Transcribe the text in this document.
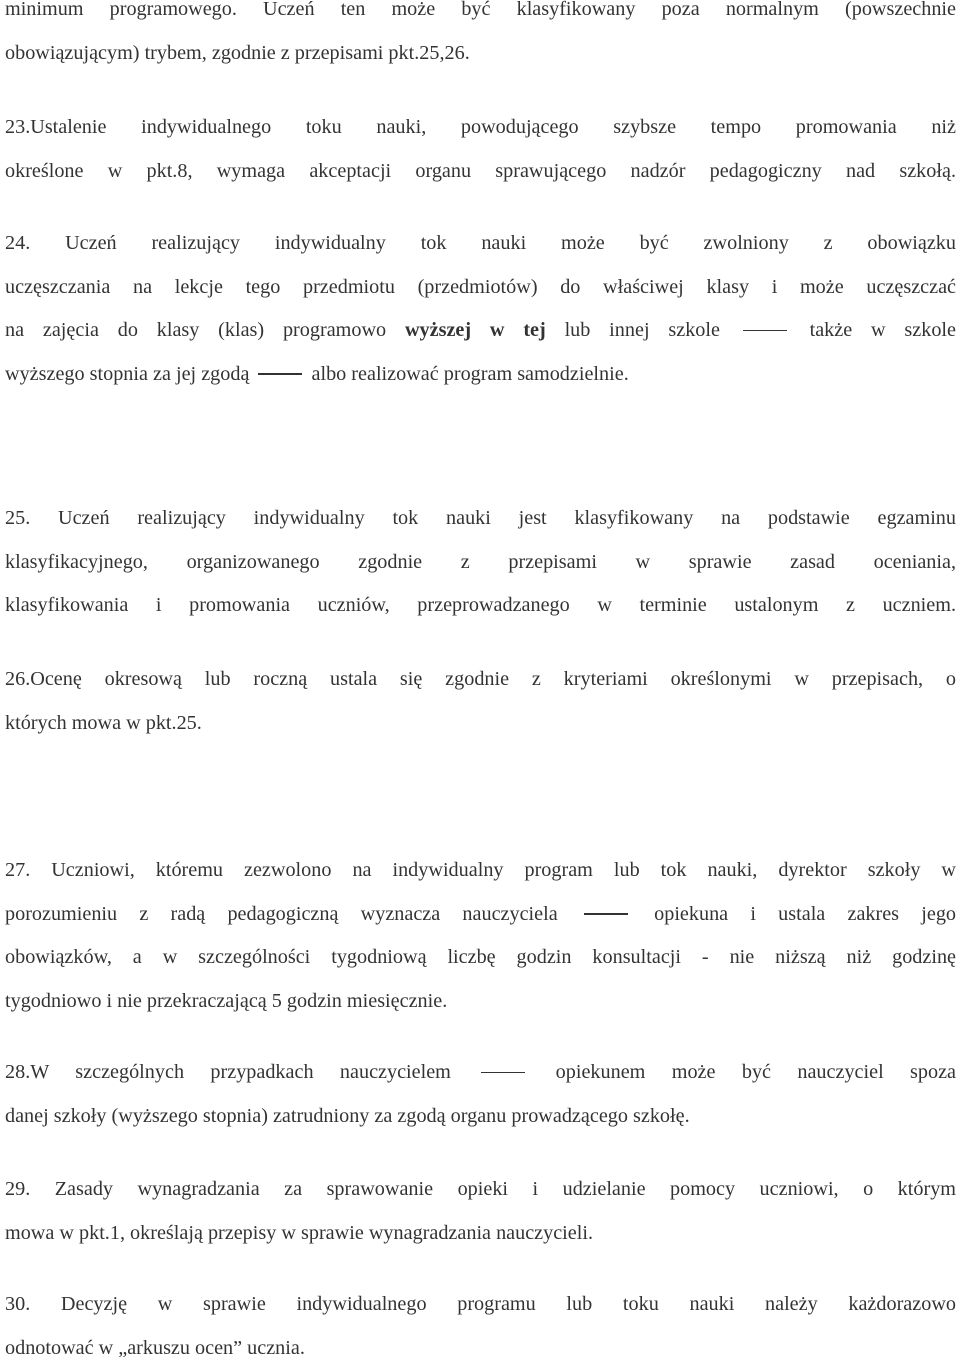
minimum programowego. Uczeń ten może być klasyfikowany poza normalnym (powszechnie
obowiązującym) trybem, zgodnie z przepisami pkt.25,26.
23.Ustalenie indywidualnego toku nauki, powodującego szybsze tempo promowania niż
określone w pkt.8, wymaga akceptacji organu sprawującego nadzór pedagogiczny nad szkołą.
24. Uczeń realizujący indywidualny tok nauki może być zwolniony z obowiązku
uczęszczania na lekcje tego przedmiotu (przedmiotów) do właściwej klasy i może uczęszczać
na zajęcia do klasy (klas) programowo wyższej w tej lub innej szkole	także w szkole
wyższego stopnia za jej zgodą	albo realizować program samodzielnie.
25. Uczeń realizujący indywidualny tok nauki jest klasyfikowany na podstawie egzaminu
klasyfikacyjnego, organizowanego zgodnie z przepisami w sprawie zasad oceniania,
klasyfikowania i promowania uczniów, przeprowadzanego w terminie ustalonym z uczniem.
26.Ocenę okresową lub roczną ustala się zgodnie z kryteriami określonymi w przepisach, o
których mowa w pkt.25.
27. Uczniowi, któremu zezwolono na indywidualny program lub tok nauki, dyrektor szkoły w
porozumieniu z radą pedagogiczną wyznacza nauczyciela	opiekuna i ustala zakres jego
obowiązków, a w szczególności tygodniową liczbę godzin konsultacji - nie niższą niż godzinę
tygodniowo i nie przekraczającą 5 godzin miesięcznie.
28.W szczególnych przypadkach nauczycielem	opiekunem może być nauczyciel spoza
danej szkoły (wyższego stopnia) zatrudniony za zgodą organu prowadzącego szkołę.
29. Zasady wynagradzania za sprawowanie opieki i udzielanie pomocy uczniowi, o którym
mowa w pkt.1, określają przepisy w sprawie wynagradzania nauczycieli.
30. Decyzję w sprawie indywidualnego programu lub toku nauki należy każdorazowo
odnotować w „arkuszu ocen” ucznia.
